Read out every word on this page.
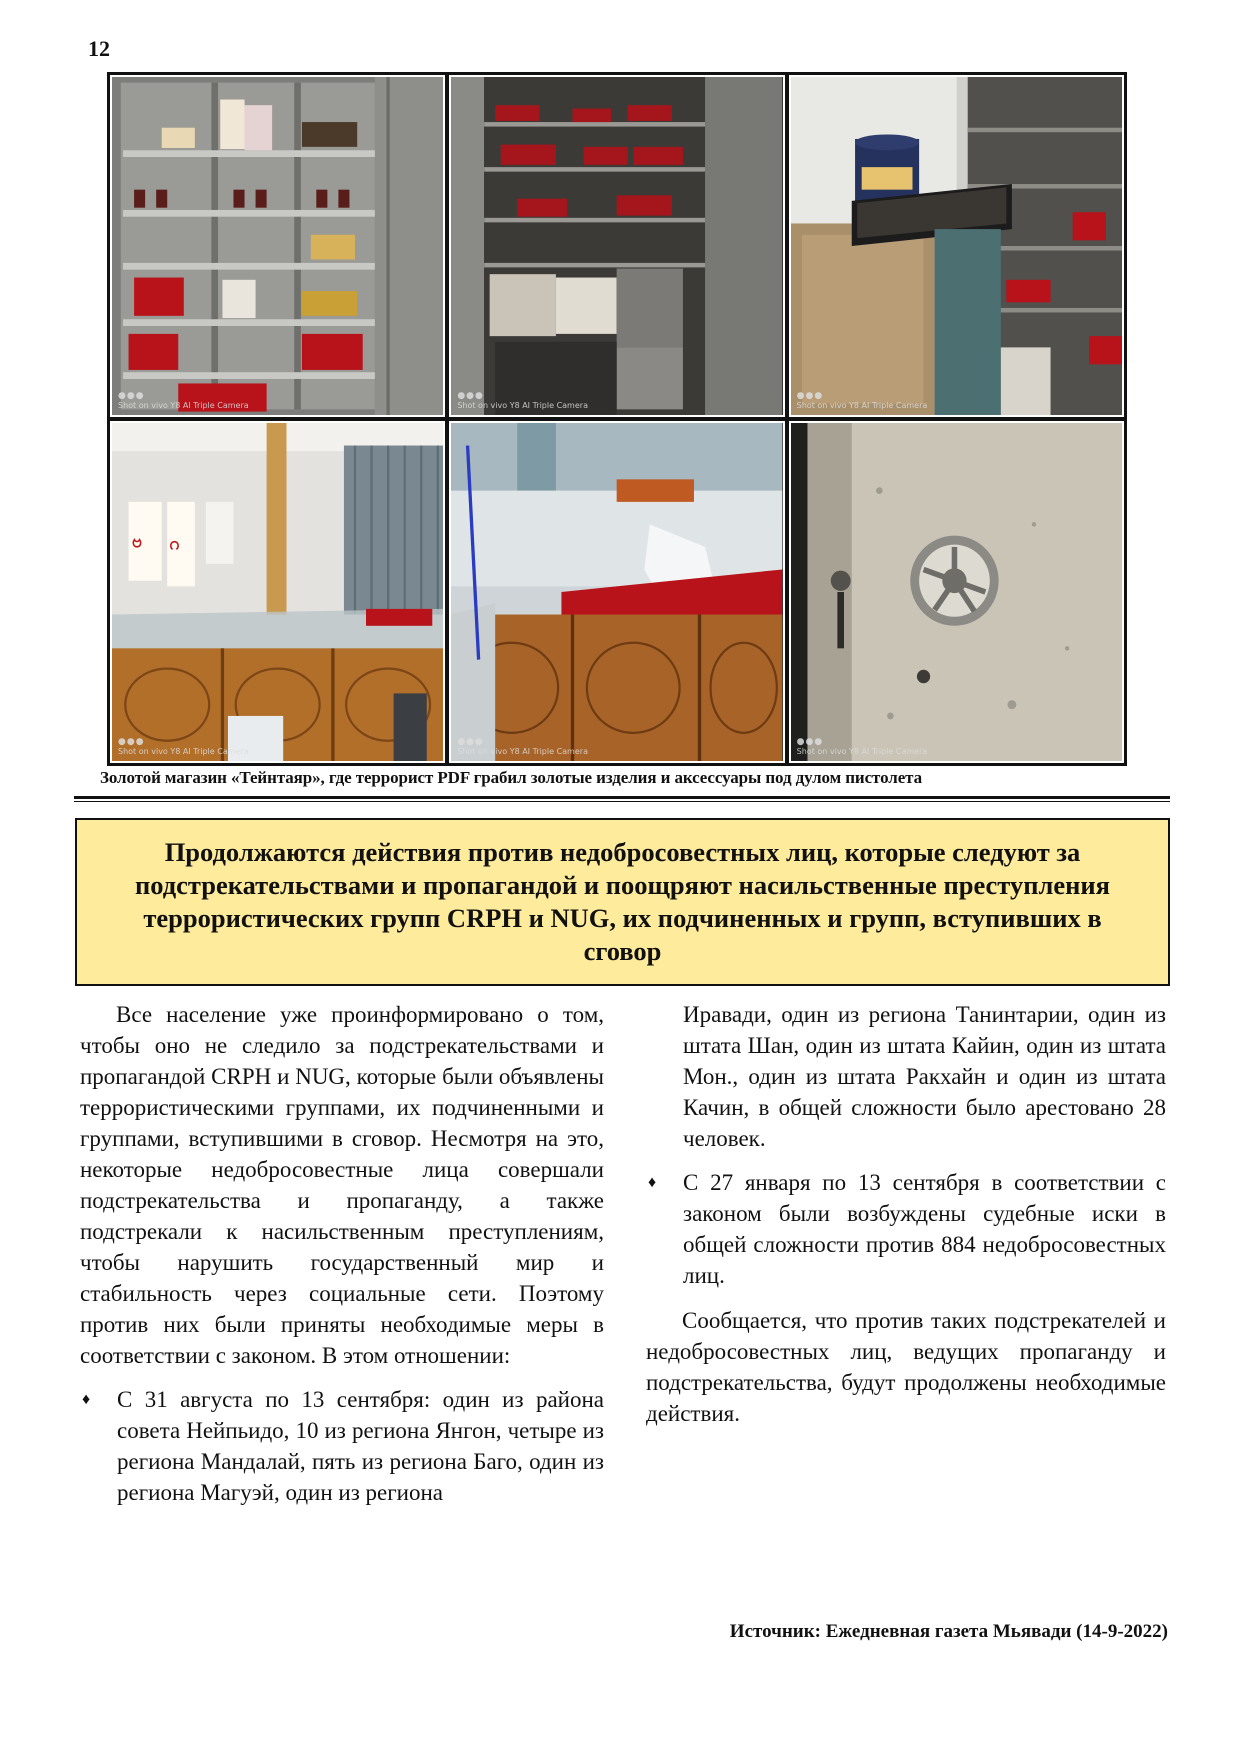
12
●●●
Shot on vivo Y8 AI Triple Camera
●●●
Shot on vivo Y8 AI Triple Camera
●●●
Shot on vivo Y8 AI Triple Camera
ဗ ဂ
●●●
Shot on vivo Y8 AI Triple Camera
●●●
Shot on vivo Y8 AI Triple Camera
●●●
Shot on vivo Y8 AI Triple Camera
Золотой магазин «Тейнтаяр», где террорист PDF грабил золотые изделия и аксессуары под дулом пистолета
Продолжаются действия против недобросовестных лиц, которые следуют за подстрекательствами и пропагандой и поощряют насильственные преступления террористических групп CRPH и NUG, их подчиненных и групп, вступивших в сговор

Все население уже проинформировано о том, чтобы оно не следило за подстрекательствами и пропагандой CRPH и NUG, которые были объявлены террористическими группами, их подчиненными и группами, вступившими в сговор. Несмотря на это, некоторые недобросовестные лица совершали подстрекательства и пропаганду, а также подстрекали к насильственным преступлениям, чтобы нарушить государственный мир и стабильность через социальные сети. Поэтому против них были приняты необходимые меры в соответствии с законом. В этом отношении:

♦ С 31 августа по 13 сентября: один из района совета Нейпьидо, 10 из региона Янгон, четыре из региона Мандалай, пять из региона Баго, один из региона Магуэй, один из региона

Иравади, один из региона Танинтарии, один из штата Шан, один из штата Кайин, один из штата Мон., один из штата Ракхайн и один из штата Качин, в общей сложности было арестовано 28 человек.

♦ С 27 января по 13 сентября в соответствии с законом были возбуждены судебные иски в общей сложности против 884 недобросовестных лиц.

Сообщается, что против таких подстрекателей и недобросовестных лиц, ведущих пропаганду и подстрекательства, будут продолжены необходимые действия.

Источник: Ежедневная газета Мьявади (14-9-2022)
